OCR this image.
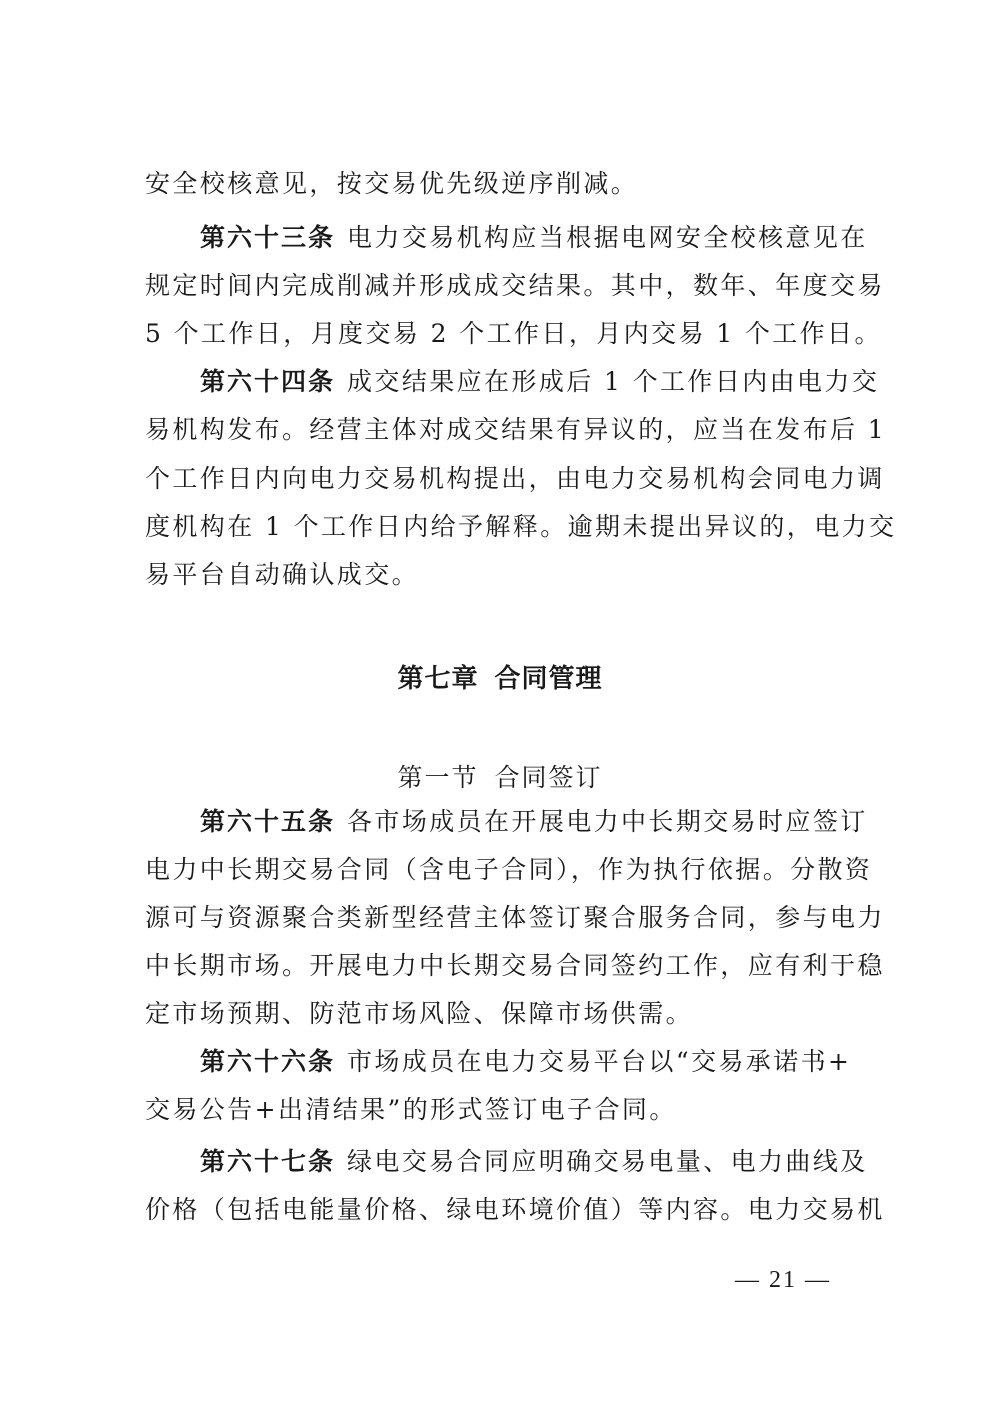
安全校核意见，按交易优先级逆序削减。
第六十三条 电力交易机构应当根据电网安全校核意见在
规定时间内完成削减并形成成交结果。其中，数年、年度交易
5 个工作日，月度交易 2 个工作日，月内交易 1 个工作日。
第六十四条 成交结果应在形成后 1 个工作日内由电力交
易机构发布。经营主体对成交结果有异议的，应当在发布后 1
个工作日内向电力交易机构提出，由电力交易机构会同电力调
度机构在 1 个工作日内给予解释。逾期未提出异议的，电力交
易平台自动确认成交。
第七章 合同管理
第一节 合同签订
第六十五条 各市场成员在开展电力中长期交易时应签订
电力中长期交易合同（含电子合同），作为执行依据。分散资
源可与资源聚合类新型经营主体签订聚合服务合同，参与电力
中长期市场。开展电力中长期交易合同签约工作，应有利于稳
定市场预期、防范市场风险、保障市场供需。
第六十六条 市场成员在电力交易平台以“交易承诺书+
交易公告+出清结果”的形式签订电子合同。
第六十七条 绿电交易合同应明确交易电量、电力曲线及
价格（包括电能量价格、绿电环境价值）等内容。电力交易机
— 21 —
